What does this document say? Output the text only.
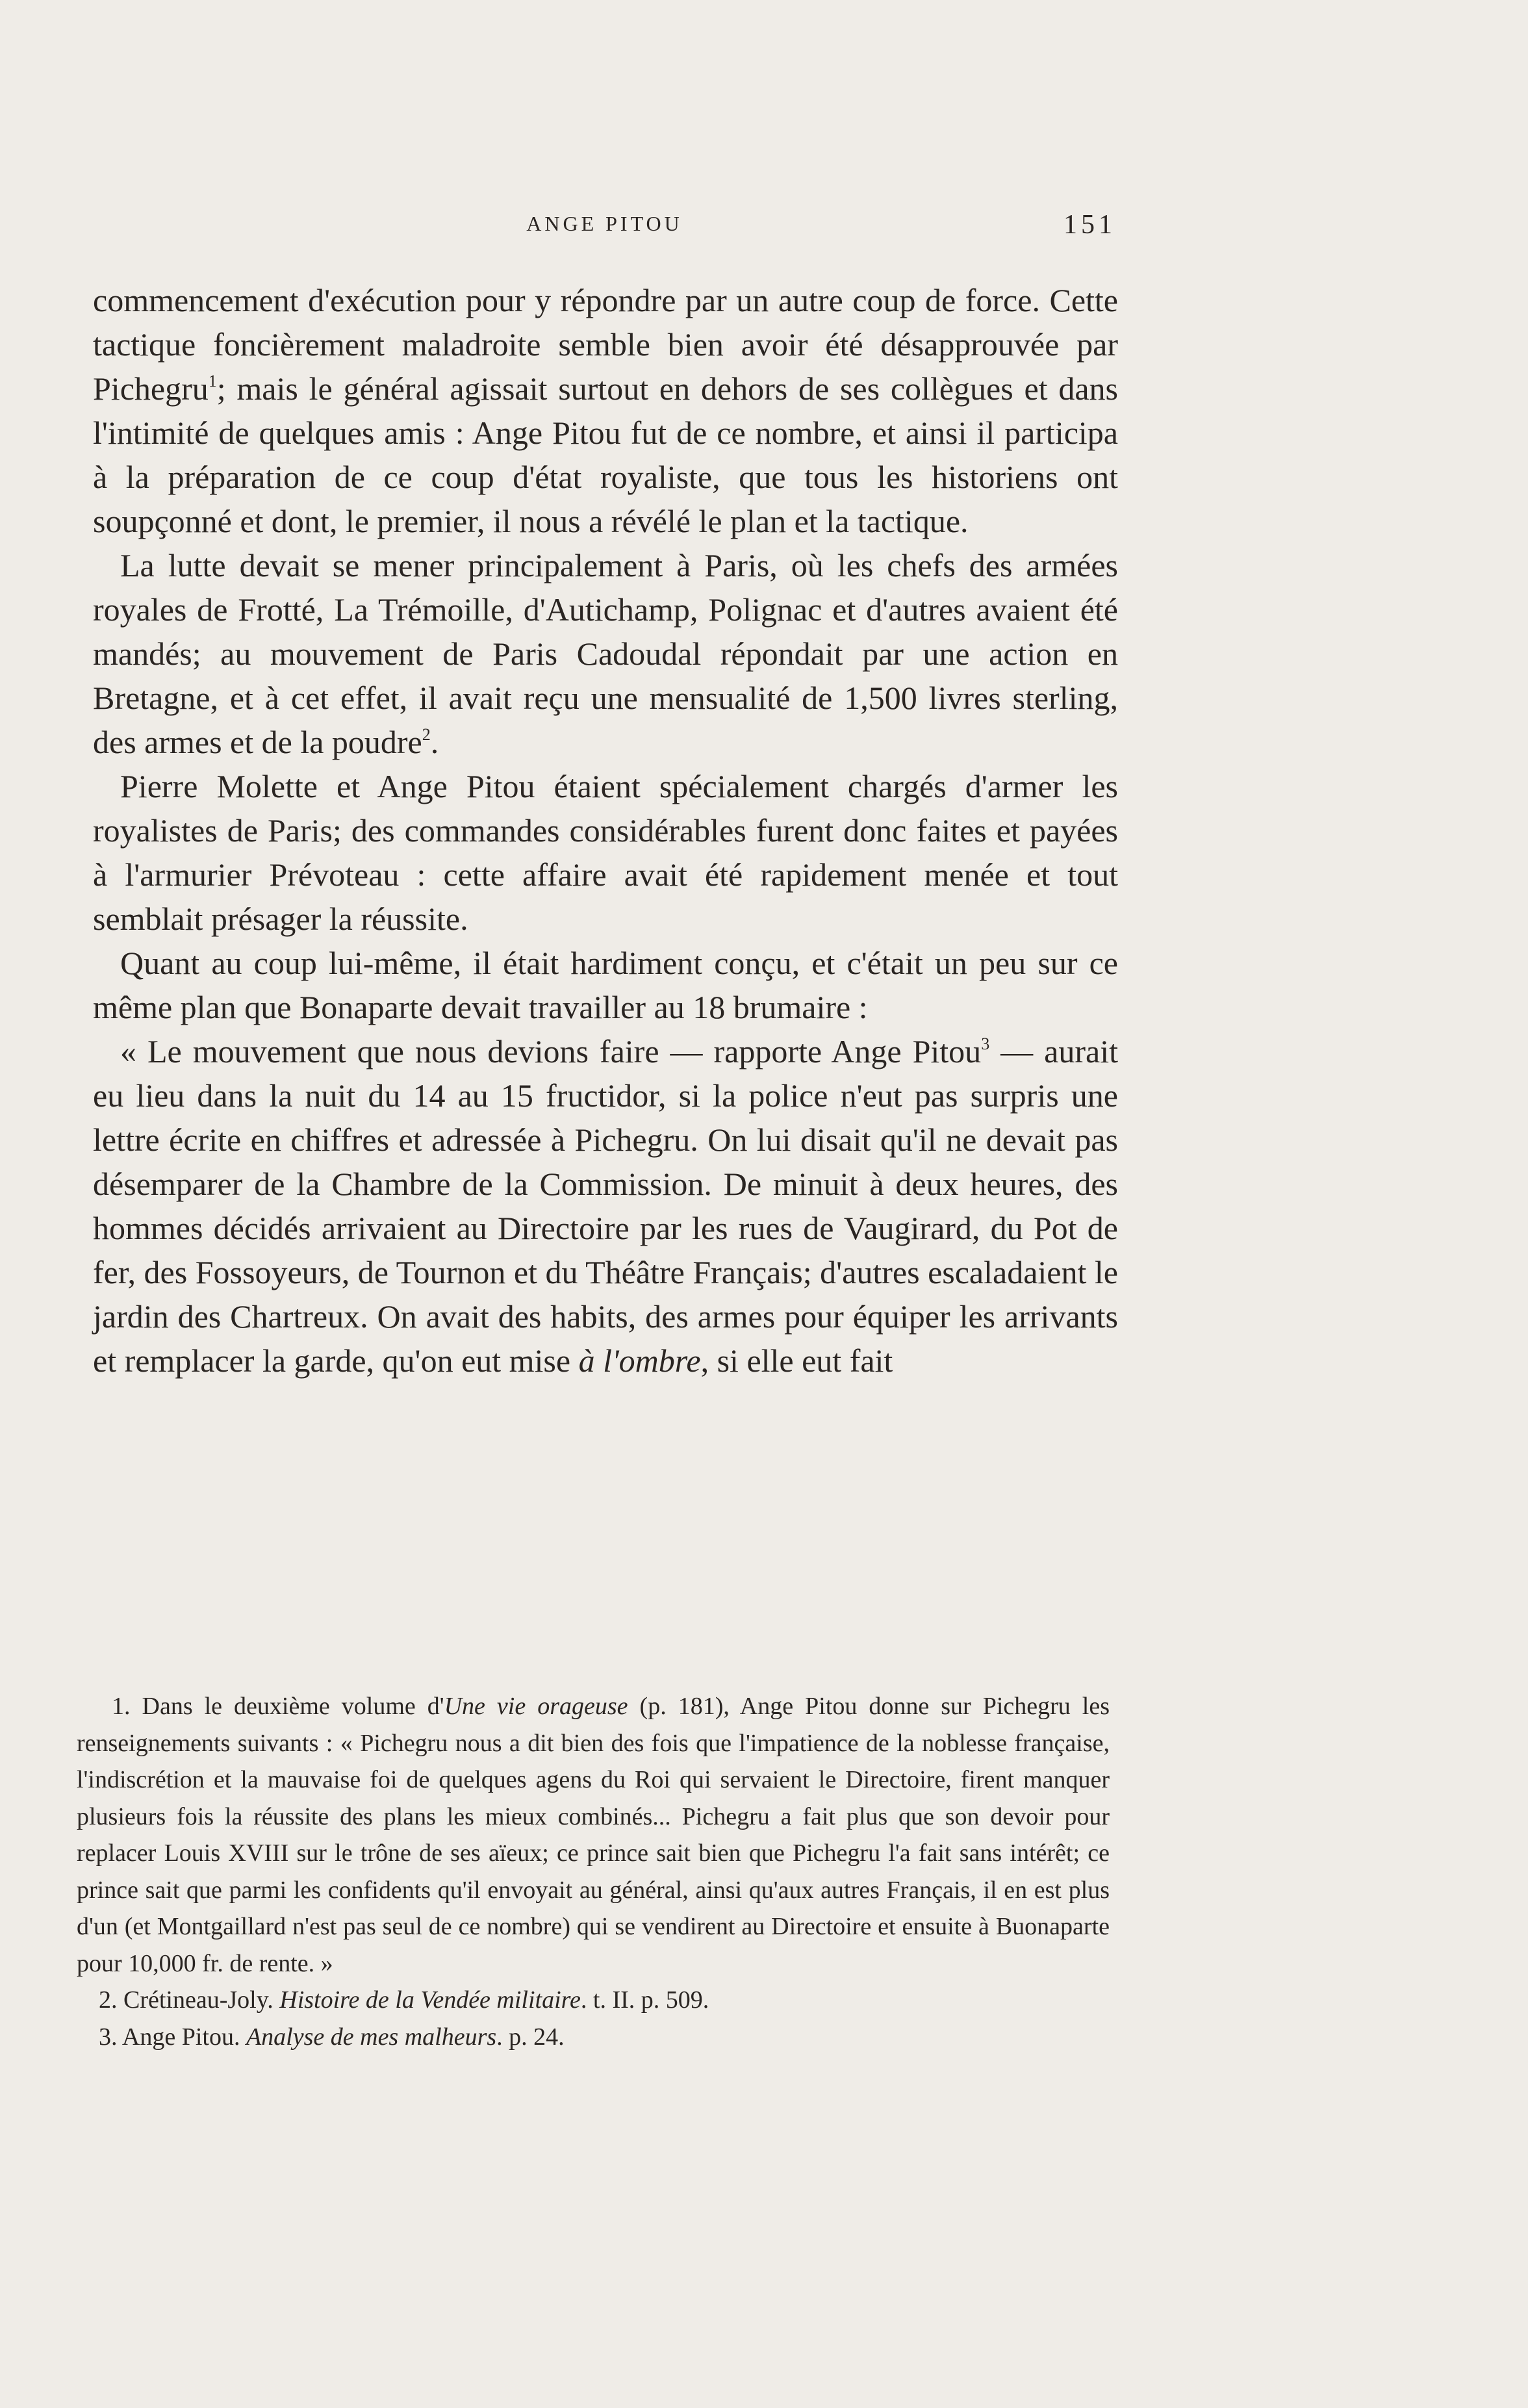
ANGE PITOU	151

commencement d'exécution pour y répondre par un autre coup de force. Cette tactique foncièrement maladroite semble bien avoir été désapprouvée par Pichegru$^1$; mais le général agissait surtout en dehors de ses collègues et dans l'intimité de quelques amis : Ange Pitou fut de ce nombre, et ainsi il participa à la préparation de ce coup d'état royaliste, que tous les historiens ont soupçonné et dont, le premier, il nous a révélé le plan et la tactique.

La lutte devait se mener principalement à Paris, où les chefs des armées royales de Frotté, La Trémoille, d'Autichamp, Polignac et d'autres avaient été mandés; au mouvement de Paris Cadoudal répondait par une action en Bretagne, et à cet effet, il avait reçu une mensualité de 1,500 livres sterling, des armes et de la poudre$^2$.

Pierre Molette et Ange Pitou étaient spécialement chargés d'armer les royalistes de Paris; des commandes considérables furent donc faites et payées à l'armurier Prévoteau : cette affaire avait été rapidement menée et tout semblait présager la réussite.

Quant au coup lui-même, il était hardiment conçu, et c'était un peu sur ce même plan que Bonaparte devait travailler au 18 brumaire :

« Le mouvement que nous devions faire — rapporte Ange Pitou$^3$ — aurait eu lieu dans la nuit du 14 au 15 fructidor, si la police n'eut pas surpris une lettre écrite en chiffres et adressée à Pichegru. On lui disait qu'il ne devait pas désemparer de la Chambre de la Commission. De minuit à deux heures, des hommes décidés arrivaient au Directoire par les rues de Vaugirard, du Pot de fer, des Fossoyeurs, de Tournon et du Théâtre Français; d'autres escaladaient le jardin des Chartreux. On avait des habits, des armes pour équiper les arrivants et remplacer la garde, qu'on eut mise à l'ombre, si elle eut fait

1. Dans le deuxième volume d'Une vie orageuse (p. 181), Ange Pitou donne sur Pichegru les renseignements suivants : « Pichegru nous a dit bien des fois que l'impatience de la noblesse française, l'indiscrétion et la mauvaise foi de quelques agens du Roi qui servaient le Directoire, firent manquer plusieurs fois la réussite des plans les mieux combinés... Pichegru a fait plus que son devoir pour replacer Louis XVIII sur le trône de ses aïeux; ce prince sait bien que Pichegru l'a fait sans intérêt; ce prince sait que parmi les confidents qu'il envoyait au général, ainsi qu'aux autres Français, il en est plus d'un (et Montgaillard n'est pas seul de ce nombre) qui se vendirent au Directoire et ensuite à Buonaparte pour 10,000 fr. de rente. »

2. Crétineau-Joly. Histoire de la Vendée militaire. t. II. p. 509.

3. Ange Pitou. Analyse de mes malheurs. p. 24.
